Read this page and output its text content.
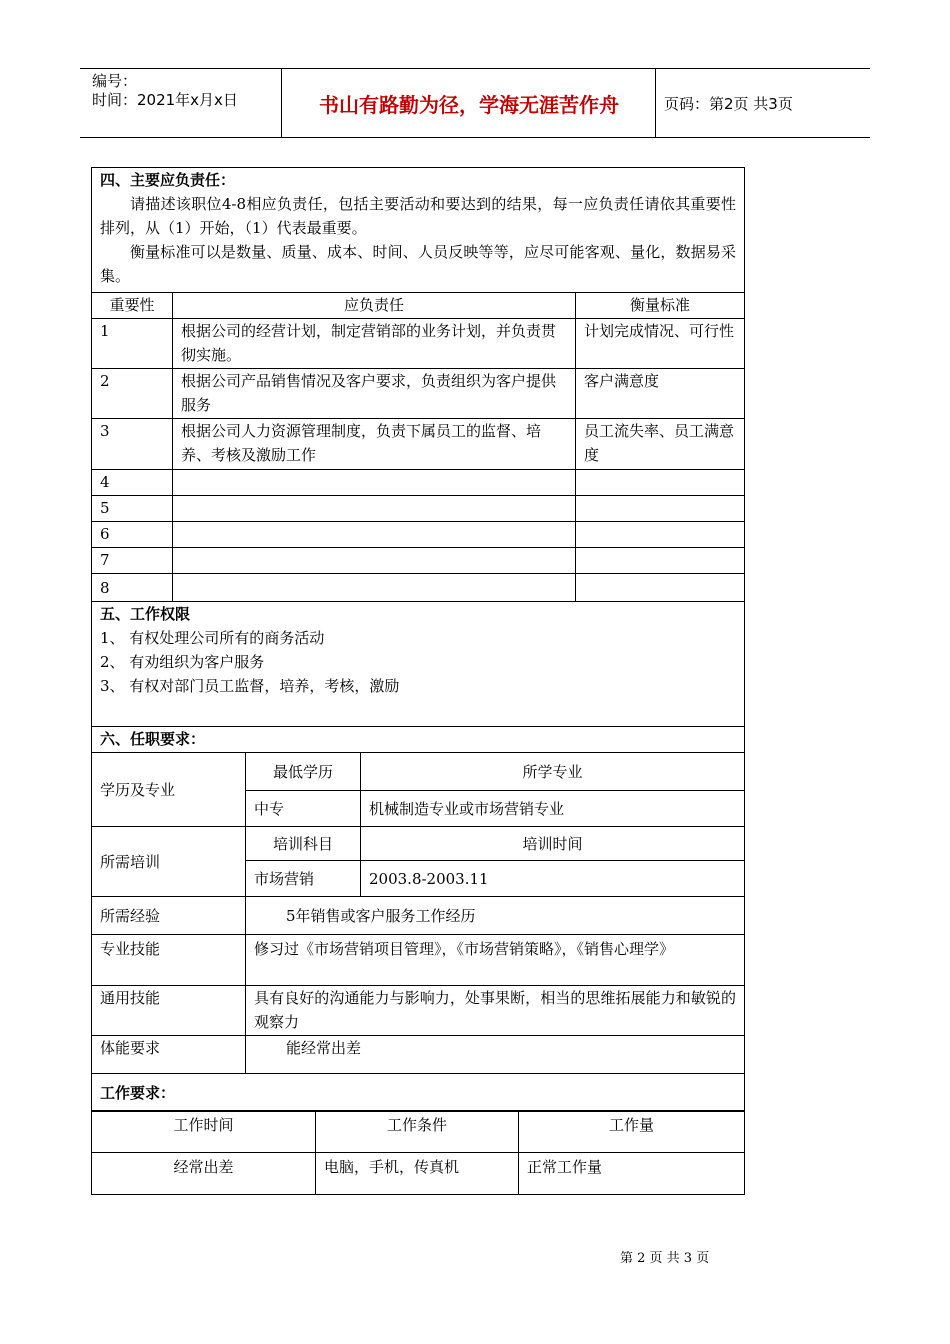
编号：
时间：2021年x月x日	书山有路勤为径，学海无涯苦作舟	页码：第2页 共3页
四、主要应负责任：
请描述该职位4-8相应负责任，包括主要活动和要达到的结果，每一应负责任请依其重要性排列，从（1）开始，（1）代表最重要。
衡量标准可以是数量、质量、成本、时间、人员反映等等，应尽可能客观、量化，数据易采集。		

重要性	应负责任	衡量标准
1	根据公司的经营计划，制定营销部的业务计划，并负责贯彻实施。	计划完成情况、可行性
2	根据公司产品销售情况及客户要求，负责组织为客户提供服务	客户满意度
3	根据公司人力资源管理制度，负责下属员工的监督、培养、考核及激励工作	员工流失率、员工满意度
4		
5		
6		
7		
8		

五、工作权限
1、 有权处理公司所有的商务活动
2、 有劝组织为客户服务
3、 有权对部门员工监督，培养，考核，激励		

六、任职要求：		
学历及专业	最低学历	所学专业
	中专	机械制造专业或市场营销专业
所需培训	培训科目	培训时间
	市场营销	2003.8-2003.11
所需经验	5年销售或客户服务工作经历	
专业技能	修习过《市场营销项目管理》，《市场营销策略》，《销售心理学》	
通用技能	具有良好的沟通能力与影响力，处事果断，相当的思维拓展能力和敏锐的观察力	
体能要求	能经常出差	
工作要求：		
工作时间	工作条件	工作量
经常出差	电脑，手机，传真机	正常工作量
第 2 页 共 3 页
